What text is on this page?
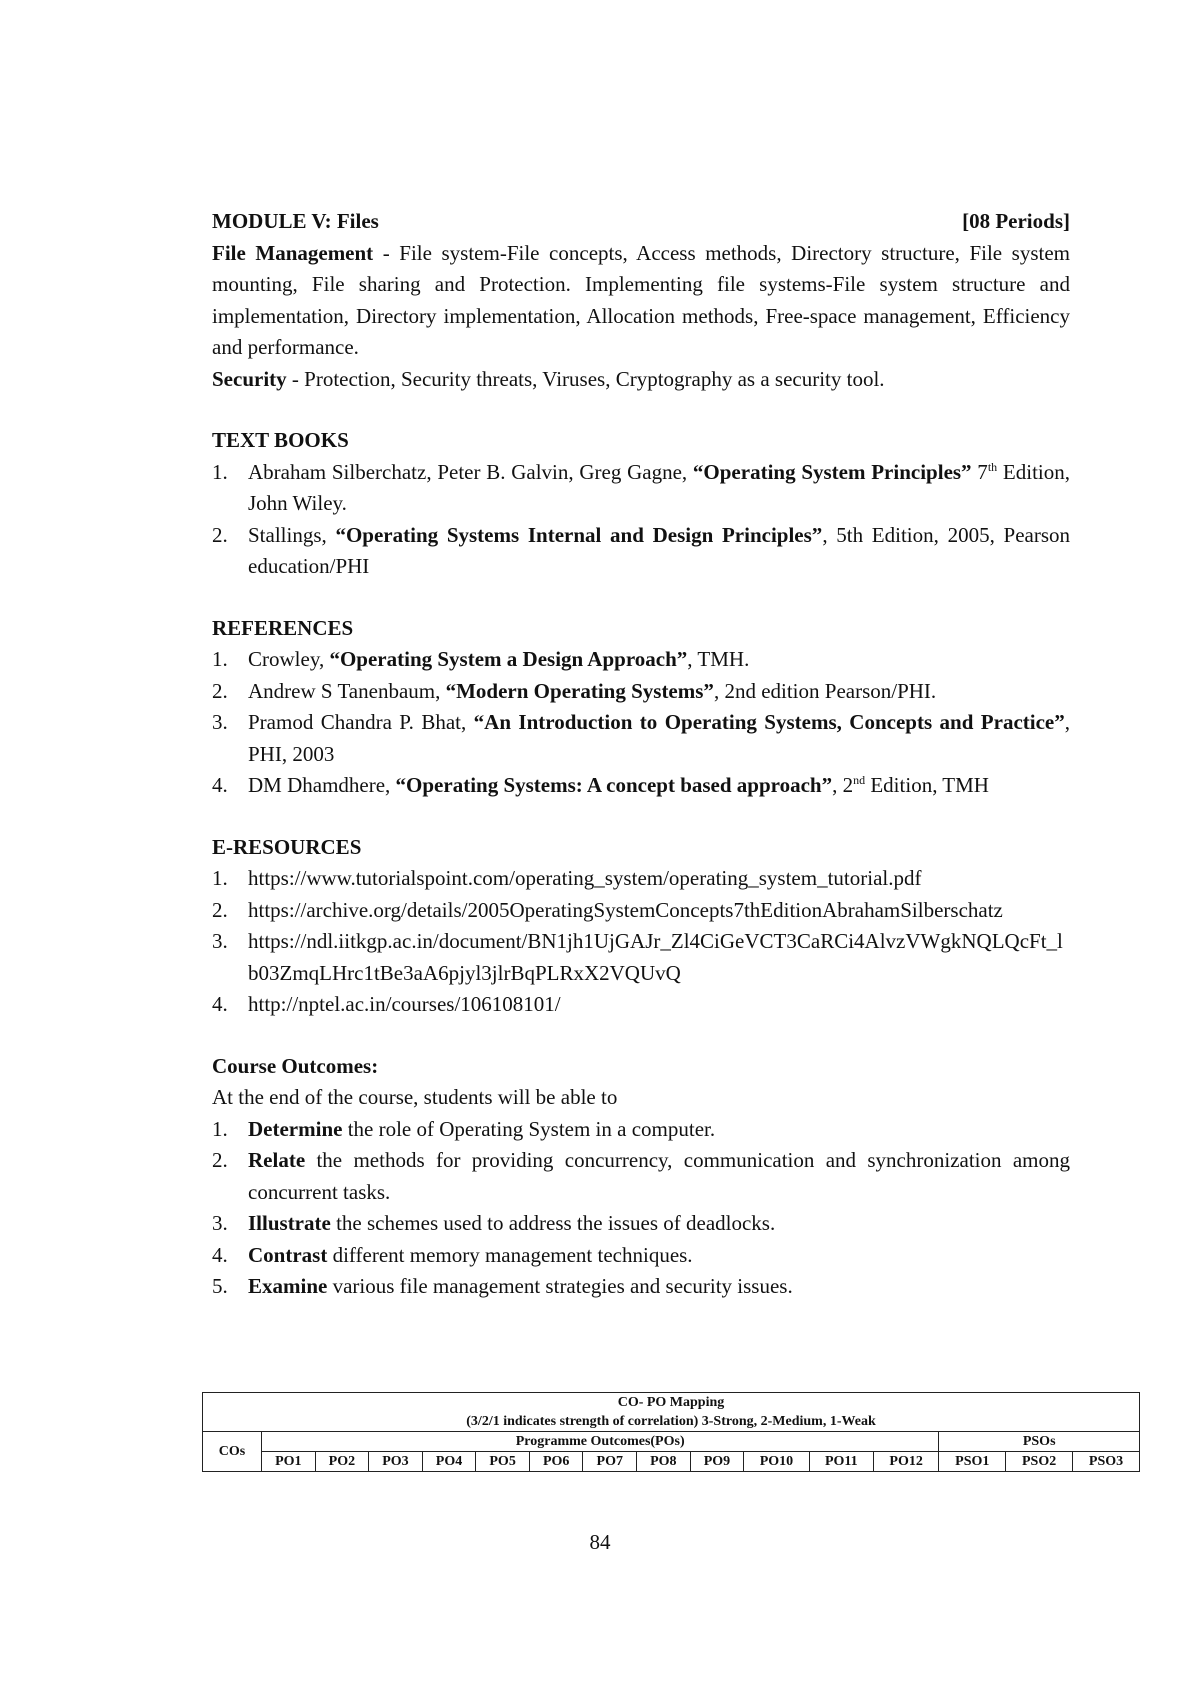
MODULE V: Files	[08 Periods]
File Management - File system-File concepts, Access methods, Directory structure, File system mounting, File sharing and Protection. Implementing file systems-File system structure and implementation, Directory implementation, Allocation methods, Free-space management, Efficiency and performance.
Security - Protection, Security threats, Viruses, Cryptography as a security tool.
TEXT BOOKS
1. Abraham Silberchatz, Peter B. Galvin, Greg Gagne, “Operating System Principles” 7th Edition, John Wiley.
2. Stallings, “Operating Systems Internal and Design Principles”, 5th Edition, 2005, Pearson education/PHI
REFERENCES
1. Crowley, “Operating System a Design Approach”, TMH.
2. Andrew S Tanenbaum, “Modern Operating Systems”, 2nd edition Pearson/PHI.
3. Pramod Chandra P. Bhat, “An Introduction to Operating Systems, Concepts and Practice”, PHI, 2003
4. DM Dhamdhere, “Operating Systems: A concept based approach”, 2nd Edition, TMH
E-RESOURCES
1. https://www.tutorialspoint.com/operating_system/operating_system_tutorial.pdf
2. https://archive.org/details/2005OperatingSystemConcepts7thEditionAbrahamSilberschatz
3. https://ndl.iitkgp.ac.in/document/BN1jh1UjGAJr_Zl4CiGeVCT3CaRCi4AlvzVWgkNQLQcFt_lb03ZmqLHrc1tBe3aA6pjyl3jlrBqPLRxX2VQUvQ
4. http://nptel.ac.in/courses/106108101/
Course Outcomes:
At the end of the course, students will be able to
1. Determine the role of Operating System in a computer.
2. Relate the methods for providing concurrency, communication and synchronization among concurrent tasks.
3. Illustrate the schemes used to address the issues of deadlocks.
4. Contrast different memory management techniques.
5. Examine various file management strategies and security issues.
CO- PO Mapping
(3/2/1 indicates strength of correlation) 3-Strong, 2-Medium, 1-Weak															

COs	Programme Outcomes(POs)												PSOs		
	PO1	PO2	PO3	PO4	PO5	PO6	PO7	PO8	PO9	PO10	PO11	PO12	PSO1	PSO2	PSO3
84
